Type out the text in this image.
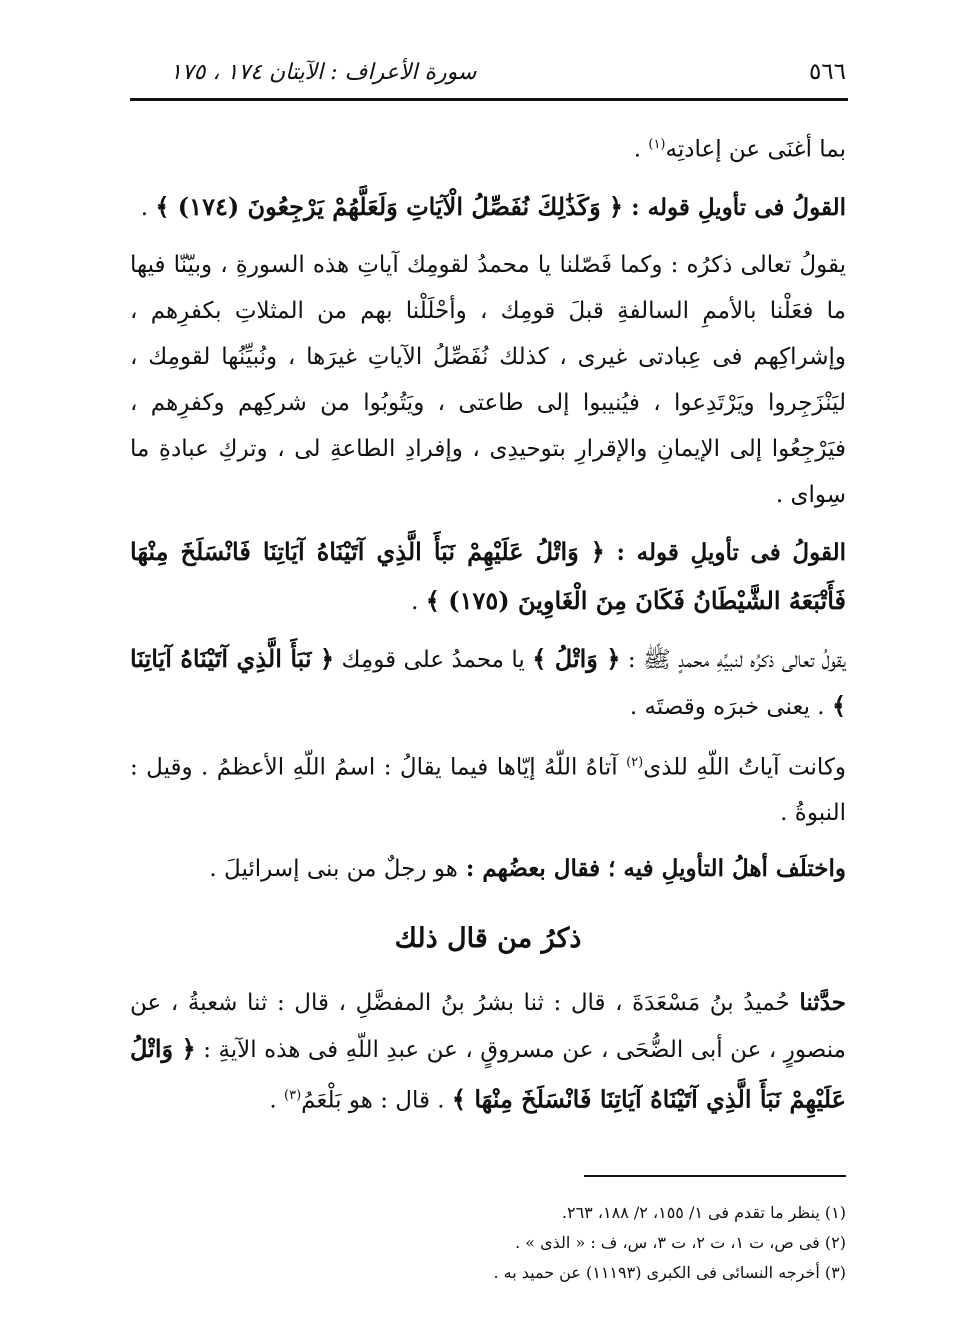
٥٦٦
سورة الأعراف : الآيتان ١٧٤ ، ١٧٥

بما أغنَى عن إعادتِه$^{(١)}$ .

القولُ فى تأويلِ قوله : ﴿ وَكَذَٰلِكَ نُفَصِّلُ الْآيَاتِ وَلَعَلَّهُمْ يَرْجِعُونَ (١٧٤) ﴾ .

يقولُ تعالى ذكرُه : وكما فَصّلنا يا محمدُ لقومِك آياتِ هذه السورةِ ، وبيّنّا فيها ما فعَلْنا بالأممِ السالفةِ قبلَ قومِك ، وأحْلَلْنا بهم من المثلاتِ بكفرِهم ، وإشراكِهم فى عِبادتى غيرى ، كذلك نُفَصِّلُ الآياتِ غيرَها ، ونُبيِّنُها لقومِك ، ليَنْزَجِروا ويَرْتَدِعوا ، فيُنيبوا إلى طاعتى ، ويَتُوبُوا من شركِهم وكفرِهم ، فيَرْجِعُوا إلى الإيمانِ والإقرارِ بتوحيدِى ، وإفرادِ الطاعةِ لى ، وتركِ عبادةِ ما سِواى .

القولُ فى تأويلِ قوله : ﴿ وَاتْلُ عَلَيْهِمْ نَبَأَ الَّذِي آتَيْنَاهُ آيَاتِنَا فَانْسَلَخَ مِنْهَا فَأَتْبَعَهُ الشَّيْطَانُ فَكَانَ مِنَ الْغَاوِينَ (١٧٥) ﴾ .

يقولُ تعالى ذكرُه لنبيِّهِ محمدٍ ﷺ : ﴿ وَاتْلُ ﴾ يا محمدُ على قومِك ﴿ نَبَأَ الَّذِي آتَيْنَاهُ آيَاتِنَا ﴾ . يعنى خبرَه وقصتَه .

وكانت آياتُ اللّهِ للذى$^{(٢)}$ آتاهُ اللّهُ إيّاها فيما يقالُ : اسمُ اللّهِ الأعظمُ . وقيل : النبوةُ .

واختلَف أهلُ التأويلِ فيه ؛ فقال بعضُهم : هو رجلٌ من بنى إسرائيلَ .

ذكرُ من قال ذلك

حدَّثنا حُميدُ بنُ مَسْعَدَةَ ، قال : ثنا بشرُ بنُ المفضَّلِ ، قال : ثنا شعبةُ ، عن منصورٍ ، عن أبى الضُّحَى ، عن مسروقٍ ، عن عبدِ اللّهِ فى هذه الآيةِ : ﴿ وَاتْلُ عَلَيْهِمْ نَبَأَ الَّذِي آتَيْنَاهُ آيَاتِنَا فَانْسَلَخَ مِنْهَا ﴾ . قال : هو بَلْعَمُ$^{(٣)}$ .

(١) ينظر ما تقدم فى ١/ ١٥٥، ٢/ ١٨٨، ٢٦٣.

(٢) فى ص، ت ١، ت ٢، ت ٣، س، ف : « الذى » .

(٣) أخرجه النسائى فى الكبرى (١١١٩٣) عن حميد به .
